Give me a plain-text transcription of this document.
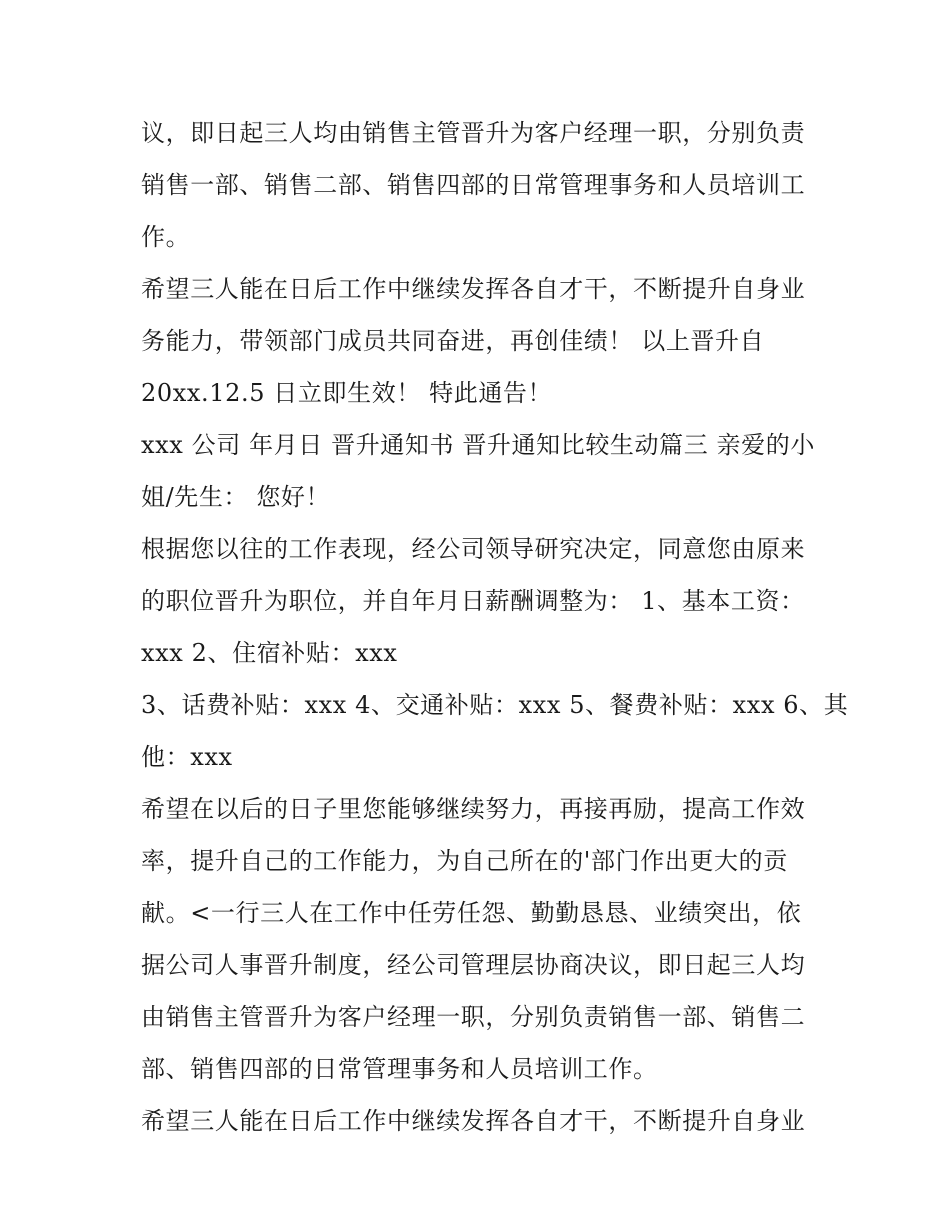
议，即日起三人均由销售主管晋升为客户经理一职，分别负责
销售一部、销售二部、销售四部的日常管理事务和人员培训工
作。
希望三人能在日后工作中继续发挥各自才干，不断提升自身业
务能力，带领部门成员共同奋进，再创佳绩！ 以上晋升自
20xx.12.5 日立即生效！ 特此通告！
xxx 公司 年月日 晋升通知书 晋升通知比较生动篇三 亲爱的小
姐/先生： 您好！
根据您以往的工作表现，经公司领导研究决定，同意您由原来
的职位晋升为职位，并自年月日薪酬调整为： 1、基本工资：
xxx 2、住宿补贴：xxx
3、话费补贴：xxx 4、交通补贴：xxx 5、餐费补贴：xxx 6、其
他：xxx
希望在以后的日子里您能够继续努力，再接再励，提高工作效
率，提升自己的工作能力，为自己所在的'部门作出更大的贡
献。<一行三人在工作中任劳任怨、勤勤恳恳、业绩突出，依
据公司人事晋升制度，经公司管理层协商决议，即日起三人均
由销售主管晋升为客户经理一职，分别负责销售一部、销售二
部、销售四部的日常管理事务和人员培训工作。
希望三人能在日后工作中继续发挥各自才干，不断提升自身业
